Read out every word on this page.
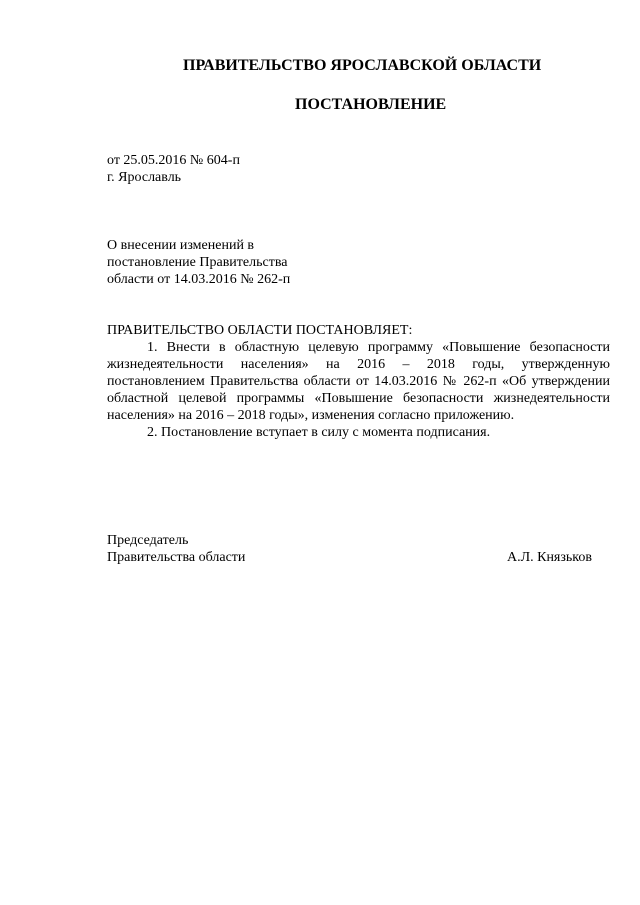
ПРАВИТЕЛЬСТВО ЯРОСЛАВСКОЙ ОБЛАСТИ
ПОСТАНОВЛЕНИЕ
от 25.05.2016 № 604-п
г. Ярославль
О внесении изменений в
постановление Правительства
области от 14.03.2016 № 262-п
ПРАВИТЕЛЬСТВО ОБЛАСТИ ПОСТАНОВЛЯЕТ:

1. Внести в областную целевую программу «Повышение безопасности жизнедеятельности населения» на 2016 – 2018 годы, утвержденную постановлением Правительства области от 14.03.2016 № 262-п «Об утверждении областной целевой программы «Повышение безопасности жизнедеятельности населения» на 2016 – 2018 годы», изменения согласно приложению.

2. Постановление вступает в силу с момента подписания.

Председатель
Правительства области	А.Л. Князьков
